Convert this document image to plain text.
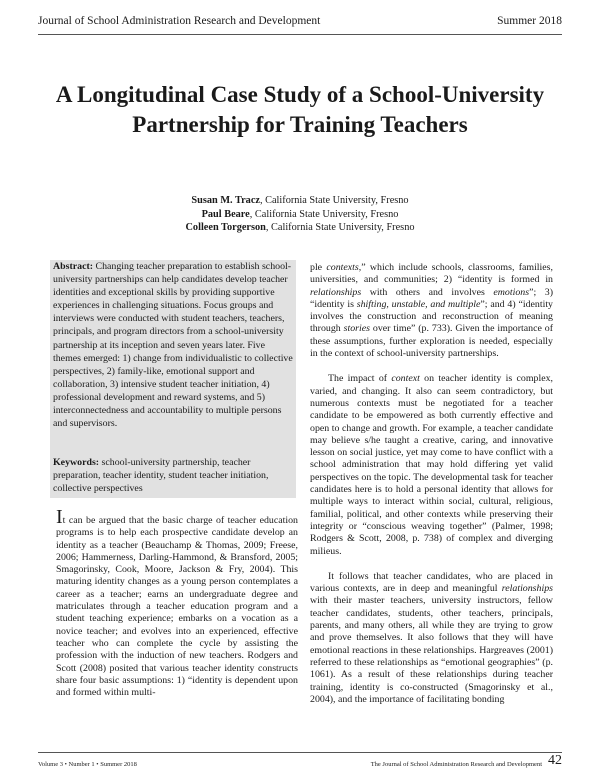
Journal of School Administration Research and Development	Summer 2018
A Longitudinal Case Study of a School-University Partnership for Training Teachers
Susan M. Tracz, California State University, Fresno
Paul Beare, California State University, Fresno
Colleen Torgerson, California State University, Fresno

Abstract: Changing teacher preparation to establish school-university partnerships can help candidates develop teacher identities and exceptional skills by providing supportive experiences in challenging situations. Focus groups and interviews were conducted with student teachers, teachers, principals, and program directors from a school-university partnership at its inception and seven years later. Five themes emerged: 1) change from individualistic to collective perspectives, 2) family-like, emotional support and collaboration, 3) intensive student teacher initiation, 4) professional development and reward systems, and 5) interconnectedness and accountability to multiple persons and supervisors.

Keywords: school-university partnership, teacher preparation, teacher identity, student teacher initiation, collective perspectives

It can be argued that the basic charge of teacher education programs is to help each prospective candidate develop an identity as a teacher (Beauchamp & Thomas, 2009; Freese, 2006; Hammerness, Darling-Hammond, & Bransford, 2005; Smagorinsky, Cook, Moore, Jackson & Fry, 2004). This maturing identity changes as a young person contemplates a career as a teacher; earns an undergraduate degree and matriculates through a teacher education program and a student teaching experience; embarks on a vocation as a novice teacher; and evolves into an experienced, effective teacher who can complete the cycle by assisting the profession with the induction of new teachers. Rodgers and Scott (2008) posited that various teacher identity constructs share four basic assumptions: 1) “identity is dependent upon and formed within multi-

ple contexts,” which include schools, classrooms, families, universities, and communities; 2) “identity is formed in relationships with others and involves emotions”; 3) “identity is shifting, unstable, and multiple”; and 4) “identity involves the construction and reconstruction of meaning through stories over time” (p. 733). Given the importance of these assumptions, further exploration is needed, especially in the context of school-university partnerships.

The impact of context on teacher identity is complex, varied, and changing. It also can seem contradictory, but numerous contexts must be negotiated for a teacher candidate to be empowered as both currently effective and open to change and growth. For example, a teacher candidate may believe s/he taught a creative, caring, and innovative lesson on social justice, yet may come to have conflict with a school administration that may hold differing yet valid perspectives on the topic. The developmental task for teacher candidates here is to hold a personal identity that allows for multiple ways to interact within social, cultural, religious, familial, political, and other contexts while preserving their integrity or “conscious weaving together” (Palmer, 1998; Rodgers & Scott, 2008, p. 738) of complex and diverging milieus.

It follows that teacher candidates, who are placed in various contexts, are in deep and meaningful relationships with their master teachers, university instructors, fellow teacher candidates, students, other teachers, principals, parents, and many others, all while they are trying to grow and prove themselves. It also follows that they will have emotional reactions in these relationships. Hargreaves (2001) referred to these relationships as “emotional geographies” (p. 1061). As a result of these relationships during teacher training, identity is co-constructed (Smagorinsky et al., 2004), and the importance of facilitating bonding

Volume 3 • Number 1 • Summer 2018	The Journal of School Administration Research and Development 42
